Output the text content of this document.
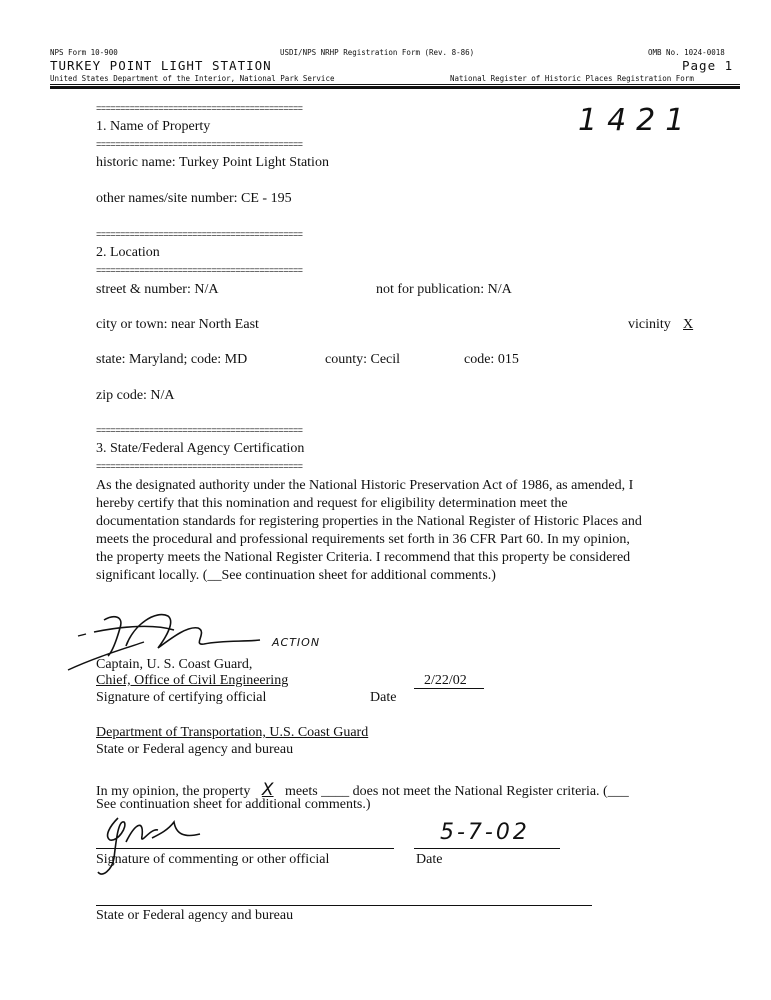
NPS Form 10-900	USDI/NPS NRHP Registration Form (Rev. 8-86)	OMB No. 1024-0018
TURKEY POINT LIGHT STATION	Page 1
United States Department of the Interior, National Park Service	National Register of Historic Places Registration Form
1421
===========================================
1. Name of Property
===========================================
historic name: Turkey Point Light Station
other names/site number: CE - 195
===========================================
2. Location
===========================================
street & number: N/A	not for publication: N/A
city or town: near North East	vicinity X
state: Maryland; code: MD	county: Cecil	code: 015
zip code: N/A
===========================================
3. State/Federal Agency Certification
===========================================
As the designated authority under the National Historic Preservation Act of 1986, as amended, I
hereby certify that this nomination and request for eligibility determination meet the
documentation standards for registering properties in the National Register of Historic Places and
meets the procedural and professional requirements set forth in 36 CFR Part 60. In my opinion,
the property meets the National Register Criteria. I recommend that this property be considered
significant locally. (__See continuation sheet for additional comments.)
ACTION
Captain, U. S. Coast Guard,
Chief, Office of Civil Engineering	2/22/02
Signature of certifying official	Date
Department of Transportation, U.S. Coast Guard
State or Federal agency and bureau
In my opinion, the property X meets ____ does not meet the National Register criteria. (___
See continuation sheet for additional comments.)
5-7-02
Signature of commenting or other official	Date
State or Federal agency and bureau
